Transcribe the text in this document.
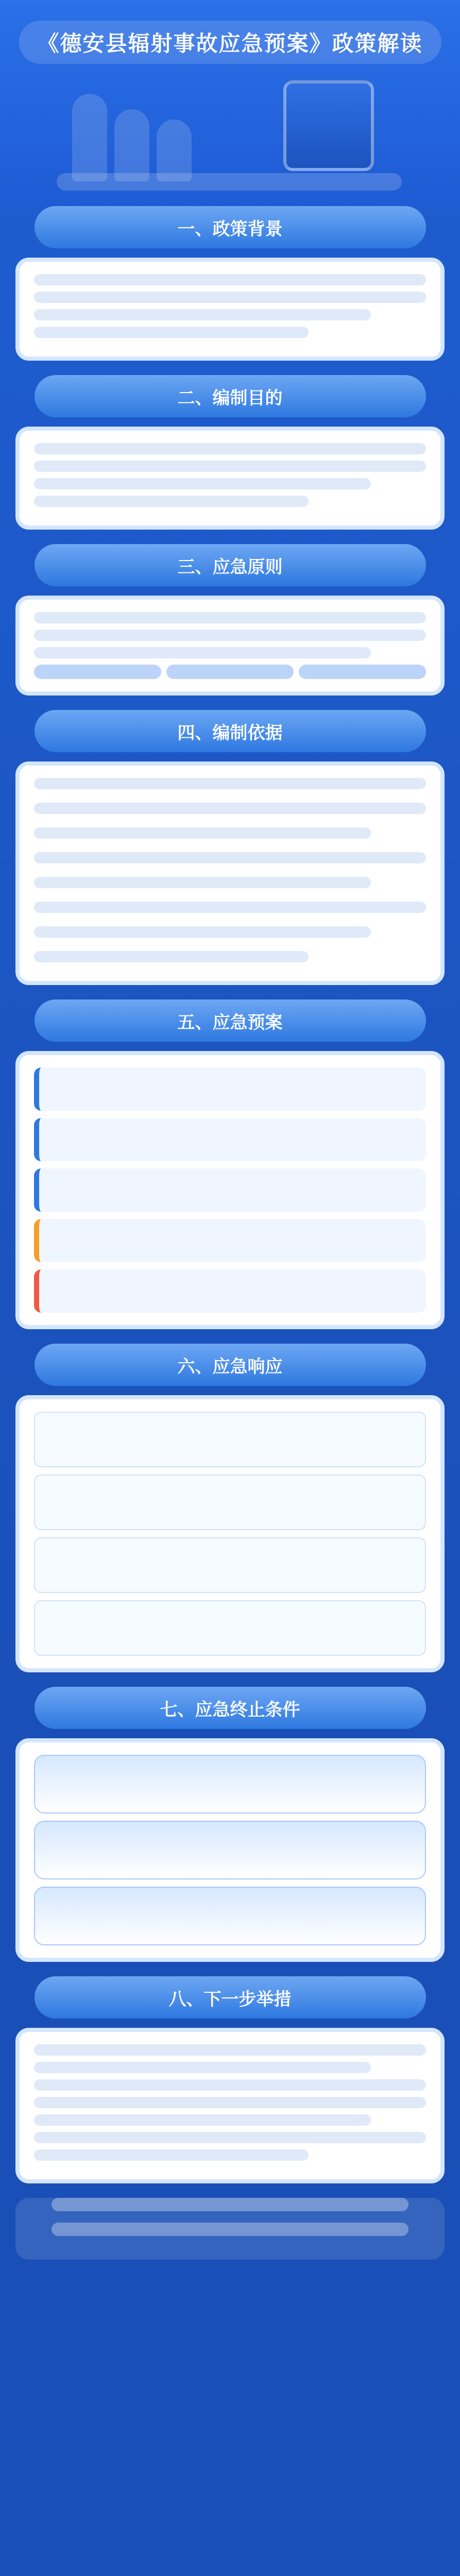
《德安县辐射事故应急预案》政策解读
一、政策背景
二、编制目的
三、应急原则
四、编制依据
五、应急预案
六、应急响应
七、应急终止条件
八、下一步举措
